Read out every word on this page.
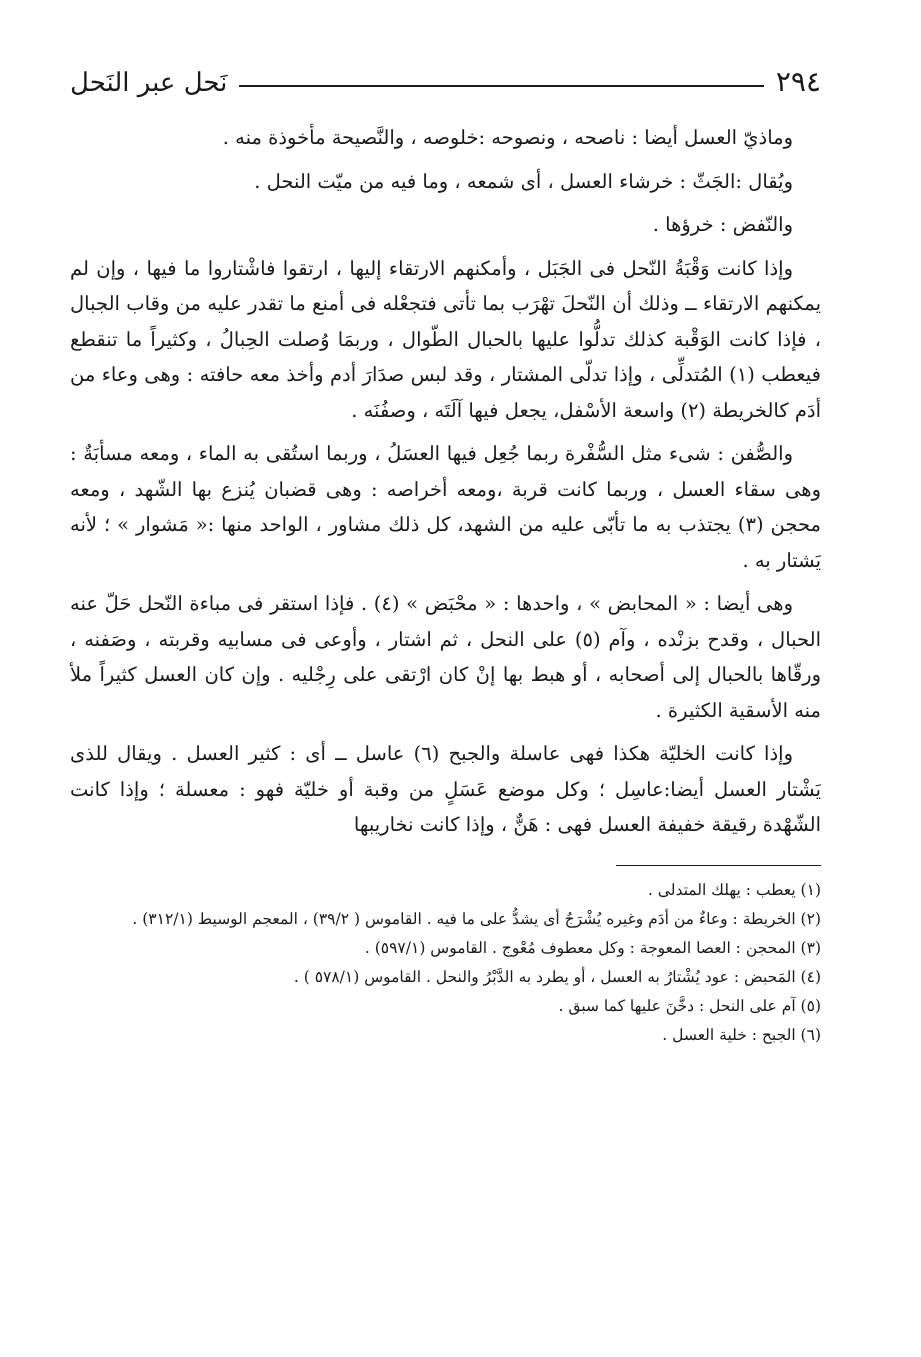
٢٩٤
نَحل عبر النَحل

وماذيّ العسل أيضا : ناصحه ، ونصوحه :خلوصه ، والنَّصيحة مأخوذة منه .

ويُقال :الجَثّ : خرشاء العسل ، أى شمعه ، وما فيه من ميّت النحل .

والنّفض : خرؤها .

وإذا كانت وَقْبَةُ النّحل فى الجَبَل ، وأمكنهم الارتقاء إليها ، ارتقوا فاشْتاروا ما فيها ، وإن لم يمكنهم الارتقاء ــ وذلك أن النّحلَ تهْرَب بما تأتى فتجعْله فى أمنع ما تقدر عليه من وقاب الجبال ، فإذا كانت الوَقْبة كذلك تدلُّوا عليها بالحبال الطّوال ، وربمَا وُصلت الحِبالُ ، وكثيراً ما تنقطع فيعطب (١) المُتدلِّى ، وإذا تدلّى المشتار ، وقد لبس صدَارَ أدم وأخذ معه حافته : وهى وعاء من أدَم كالخريطة (٢) واسعة الأسْفل، يجعل فيها آلَتَه ، وصفُنَه .

والصُّفن : شىء مثل السُّفْرة ربما جُعِل فيها العسَلُ ، وربما استُقى به الماء ، ومعه مسأبَةٌ : وهى سقاء العسل ، وربما كانت قربة ،ومعه أخراصه : وهى قضبان يُنزع بها الشّهد ، ومعه محجن (٣) يجتذب به ما تأبّى عليه من الشهد، كل ذلك مشاور ، الواحد منها :« مَشوار » ؛ لأنه يَشتار به .

وهى أيضا : « المحابض » ، واحدها : « محْبَض » (٤) . فإذا استقر فى مباءة النّحل حَلّ عنه الحبال ، وقدح بزنْده ، وآم (٥) على النحل ، ثم اشتار ، وأوعى فى مسابيه وقربته ، وصَفنه ، ورقّاها بالحبال إلى أصحابه ، أو هبط بها إنْ كان ارْتقى على رِجْليه . وإن كان العسل كثيراً ملأ منه الأسقية الكثيرة .

وإذا كانت الخليّة هكذا فهى عاسلة والجبح (٦) عاسل ــ أى : كثير العسل . ويقال للذى يَشْتار العسل أيضا:عاسِل ؛ وكل موضع عَسَلٍ من وقبة أو خليّة فهو : معسلة ؛ وإذا كانت الشّهْدة رقيقة خفيفة العسل فهى : هَنٌّ ، وإذا كانت نخاريبها

(١) يعطب : يهلك المتدلى .
(٢) الخريطة : وعاءٌ من أدَم وغيره يُشْرَجُ أى يشدُّ على ما فيه . القاموس ( ٣٩/٢) ، المعجم الوسيط (٣١٢/١) .
(٣) المحجن : العصا المعوجة : وكل معطوف مُعْوج . القاموس (٥٩٧/١) .
(٤) المَحبض : عود يُشْتارُ به العسل ، أو يطرد به الدَّبْرُ والنحل . القاموس (٥٧٨/١ ) .
(٥) آم على النحل : دخَّنَ عليها كما سبق .
(٦) الجبح : خلية العسل .
